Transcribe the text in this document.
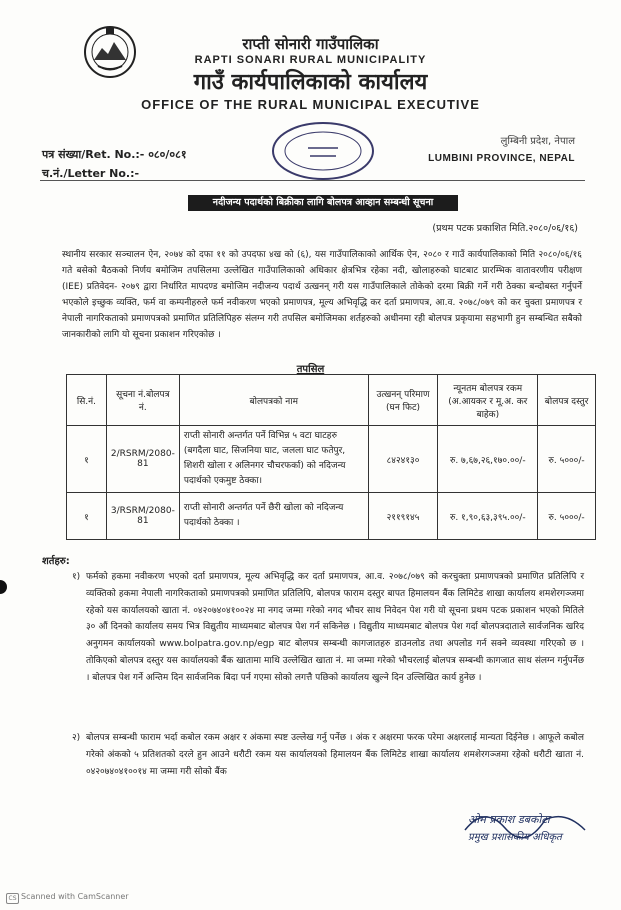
राप्ती सोनारी गाउँपालिका
RAPTI SONARI RURAL MUNICIPALITY
गाउँ कार्यपालिकाको कार्यालय
OFFICE OF THE RURAL MUNICIPAL EXECUTIVE
पत्र संख्या/Ret. No.:- ०८०/०८१
च.नं./Letter No.:-
लुम्बिनी प्रदेश, नेपाल
LUMBINI PROVINCE, NEPAL
नदीजन्य पदार्थको बिक्रीका लागि बोलपत्र आव्हान सम्बन्धी सूचना
(प्रथम पटक प्रकाशित मिति.२०८०/०६/१६)
स्थानीय सरकार सञ्चालन ऐन, २०७४ को दफा ११ को उपदफा ४ख को (६), यस गाउँपालिकाको आर्थिक ऐन, २०८० र गाउँ कार्यपालिकाको मिति २०८०/०६/१६ गते बसेको बैठकको निर्णय बमोजिम तपसिलमा उल्लेखित गाउँपालिकाको अधिकार क्षेत्रभित्र रहेका नदी, खोलाहरुको घाटबाट प्रारम्भिक वातावरणीय परीक्षण (IEE) प्रतिवेदन- २०७९ द्वारा निर्धारित मापदण्ड बमोजिम नदीजन्य पदार्थ उत्खनन् गरी यस गाउँपालिकाले तोकेको दरमा बिक्री गर्ने गरी ठेक्का बन्दोबस्त गर्नुपर्ने भएकोले इच्छुक व्यक्ति, फर्म वा कम्पनीहरुले फर्म नवीकरण भएको प्रमाणपत्र, मूल्य अभिवृद्धि कर दर्ता प्रमाणपत्र, आ.व. २०७८/०७९ को कर चुक्ता प्रमाणपत्र र नेपाली नागरिकताको प्रमाणपत्रको प्रमाणित प्रतिलिपिहरु संलग्न गरी तपसिल बमोजिमका शर्तहरुको अधीनमा रही बोलपत्र प्रकृयामा सहभागी हुन सम्बन्धित सबैको जानकारीको लागि यो सूचना प्रकाशन गरिएकोछ ।
तपसिल
सि.नं.	सूचना नं.बोलपत्र नं.	बोलपत्रको नाम	उत्खनन् परिमाण (घन फिट)	न्यूनतम बोलपत्र रकम (अ.आयकर र मू.अ. कर बाहेक)	बोलपत्र दस्तुर
१	2/RSRM/2080-81	राप्ती सोनारी अन्तर्गत पर्ने विभिन्न ५ वटा घाटहरु (बगदैला घाट, सिजनिया घाट, जलला घाट फतेपुर, शिशरी खोला र अलिनगर चौचरफर्का) को नदिजन्य पदार्थको एकमुष्ट ठेक्का।	८४२४१३०	रु. ७,६७,२६,१७०.००/-	रु. ५०००/-
१	3/RSRM/2080-81	राप्ती सोनारी अन्तर्गत पर्ने छैरी खोला को नदिजन्य पदार्थको ठेक्का ।	२११९१४५	रु. १,९०,६३,३९५.००/-	रु. ५०००/-
शर्तहरु:
१) फर्मको हकमा नवीकरण भएको दर्ता प्रमाणपत्र, मूल्य अभिवृद्धि कर दर्ता प्रमाणपत्र, आ.व. २०७८/०७९ को करचुक्ता प्रमाणपत्रको प्रमाणित प्रतिलिपि र व्यक्तिको हकमा नेपाली नागरिकताको प्रमाणपत्रको प्रमाणित प्रतिलिपि, बोलपत्र फाराम दस्तुर बापत हिमालयन बैंक लिमिटेड शाखा कार्यालय शमशेरगञ्जमा रहेको यस कार्यालयको खाता नं. ०४२०७४०४१००२४ मा नगद जम्मा गरेको नगद भौचर साथ निवेदन पेश गरी यो सूचना प्रथम पटक प्रकाशन भएको मितिले ३० औं दिनको कार्यालय समय भित्र विद्युतीय माध्यमबाट बोलपत्र पेश गर्न सकिनेछ । विद्युतीय माध्यमबाट बोलपत्र पेश गर्दा बोलपत्रदाताले सार्वजनिक खरिद अनुगमन कार्यालयको www.bolpatra.gov.np/egp बाट बोलपत्र सम्बन्धी कागजातहरु डाउनलोड तथा अपलोड गर्न सक्ने व्यवस्था गरिएको छ । तोकिएको बोलपत्र दस्तुर यस कार्यालयको बैंक खातामा माथि उल्लेखित खाता नं. मा जम्मा गरेको भौचरलाई बोलपत्र सम्बन्धी कागजात साथ संलग्न गर्नुपर्नेछ । बोलपत्र पेश गर्ने अन्तिम दिन सार्वजनिक बिदा पर्न गएमा सोको लगत्तै पछिको कार्यालय खुल्ने दिन उल्लिखित कार्य हुनेछ ।
२) बोलपत्र सम्बन्धी फाराम भर्दा कबोल रकम अक्षर र अंकमा स्पष्ट उल्लेख गर्नु पर्नेछ । अंक र अक्षरमा फरक परेमा अक्षरलाई मान्यता दिईनेछ । आफूले कबोल गरेको अंकको ५ प्रतिशतको दरले हुन आउने धरौटी रकम यस कार्यालयको हिमालयन बैंक लिमिटेड शाखा कार्यालय शमशेरगञ्जमा रहेको धरौटी खाता नं. ०४२०७४०४१००१४ मा जम्मा गरी सोको बैंक
ओम प्रकाश डबकोटा
प्रमुख प्रशासकीय अधिकृत
CS Scanned with CamScanner
